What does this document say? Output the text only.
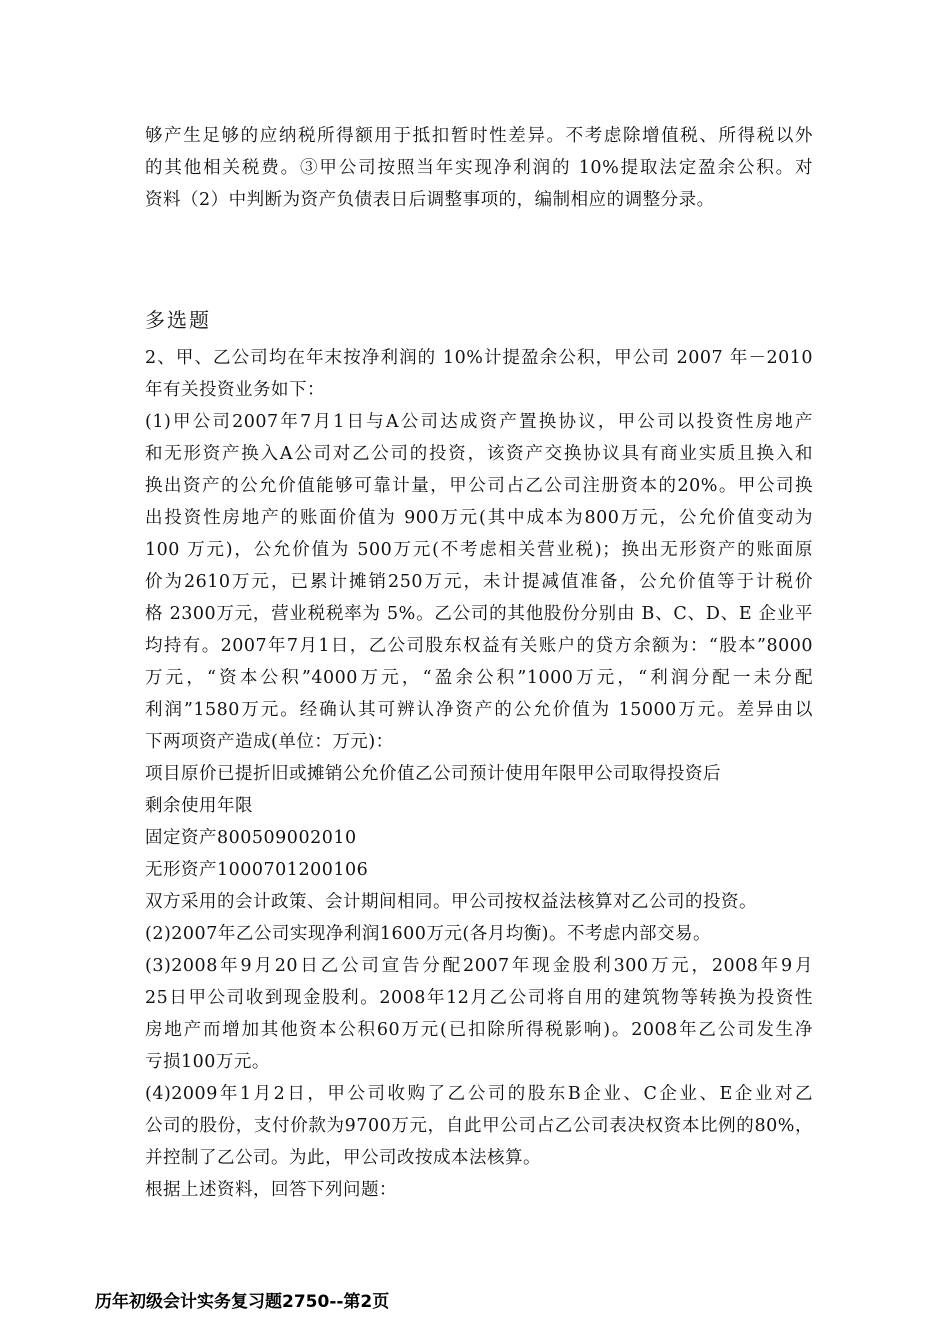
够产生足够的应纳税所得额用于抵扣暂时性差异。不考虑除增值税、所得税以外
的其他相关税费。③甲公司按照当年实现净利润的 10%提取法定盈余公积。对
资料（2）中判断为资产负债表日后调整事项的，编制相应的调整分录。
多选题
2、甲、乙公司均在年末按净利润的 10%计提盈余公积，甲公司 2007 年－2010
年有关投资业务如下：
(1)甲公司2007年7月1日与A公司达成资产置换协议，甲公司以投资性房地产
和无形资产换入A公司对乙公司的投资，该资产交换协议具有商业实质且换入和
换出资产的公允价值能够可靠计量，甲公司占乙公司注册资本的20%。甲公司换
出投资性房地产的账面价值为 900万元(其中成本为800万元，公允价值变动为
100 万元)，公允价值为 500万元(不考虑相关营业税)；换出无形资产的账面原
价为2610万元，已累计摊销250万元，未计提减值准备，公允价值等于计税价
格 2300万元，营业税税率为 5%。乙公司的其他股份分别由 B、C、D、E 企业平
均持有。2007年7月1日，乙公司股东权益有关账户的贷方余额为：“股本”8000
万元，“资本公积”4000万元，“盈余公积”1000万元，“利润分配一未分配
利润”1580万元。经确认其可辨认净资产的公允价值为 15000万元。差异由以
下两项资产造成(单位：万元)：
项目原价已提折旧或摊销公允价值乙公司预计使用年限甲公司取得投资后
剩余使用年限
固定资产800509002010
无形资产1000701200106
双方采用的会计政策、会计期间相同。甲公司按权益法核算对乙公司的投资。
(2)2007年乙公司实现净利润1600万元(各月均衡)。不考虑内部交易。
(3)2008年9月20日乙公司宣告分配2007年现金股利300万元，2008年9月
25日甲公司收到现金股利。2008年12月乙公司将自用的建筑物等转换为投资性
房地产而增加其他资本公积60万元(已扣除所得税影响)。2008年乙公司发生净
亏损100万元。
(4)2009年1月2日，甲公司收购了乙公司的股东B企业、C企业、E企业对乙
公司的股份，支付价款为9700万元，自此甲公司占乙公司表决权资本比例的80%，
并控制了乙公司。为此，甲公司改按成本法核算。
根据上述资料，回答下列问题：
历年初级会计实务复习题2750--第2页
